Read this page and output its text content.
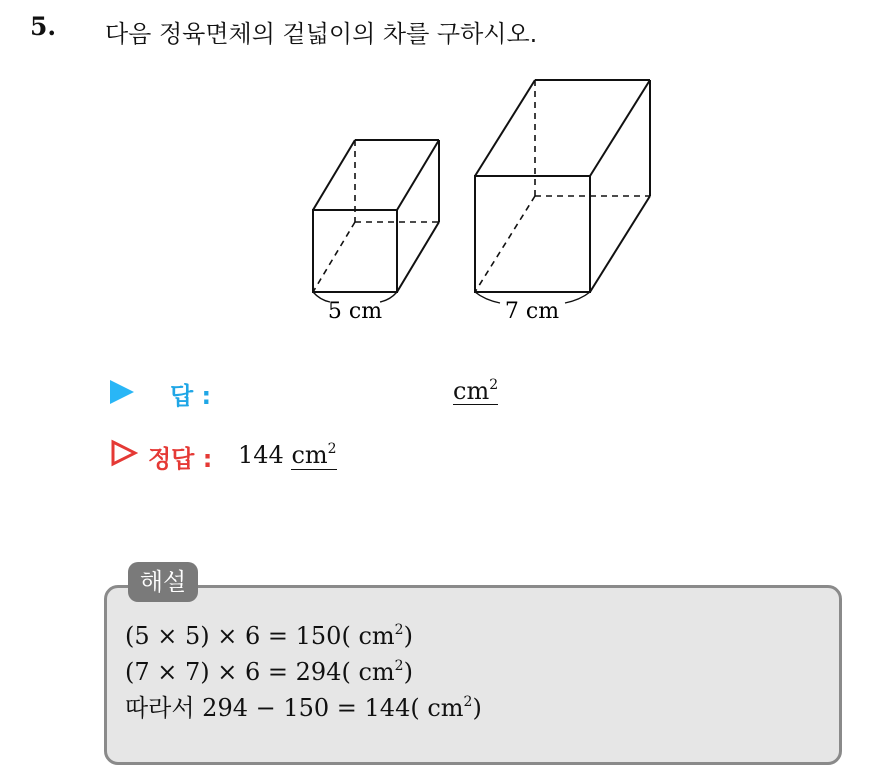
5. 다음 정육면체의 겉넓이의 차를 구하시오.
5 cm	7 cm
답 :	$cm^2$
정답 : 144 $cm^2$
해설
(5 × 5) × 6 = 150( $cm^2$)
(7 × 7) × 6 = 294( $cm^2$)
따라서 294 − 150 = 144( $cm^2$)
